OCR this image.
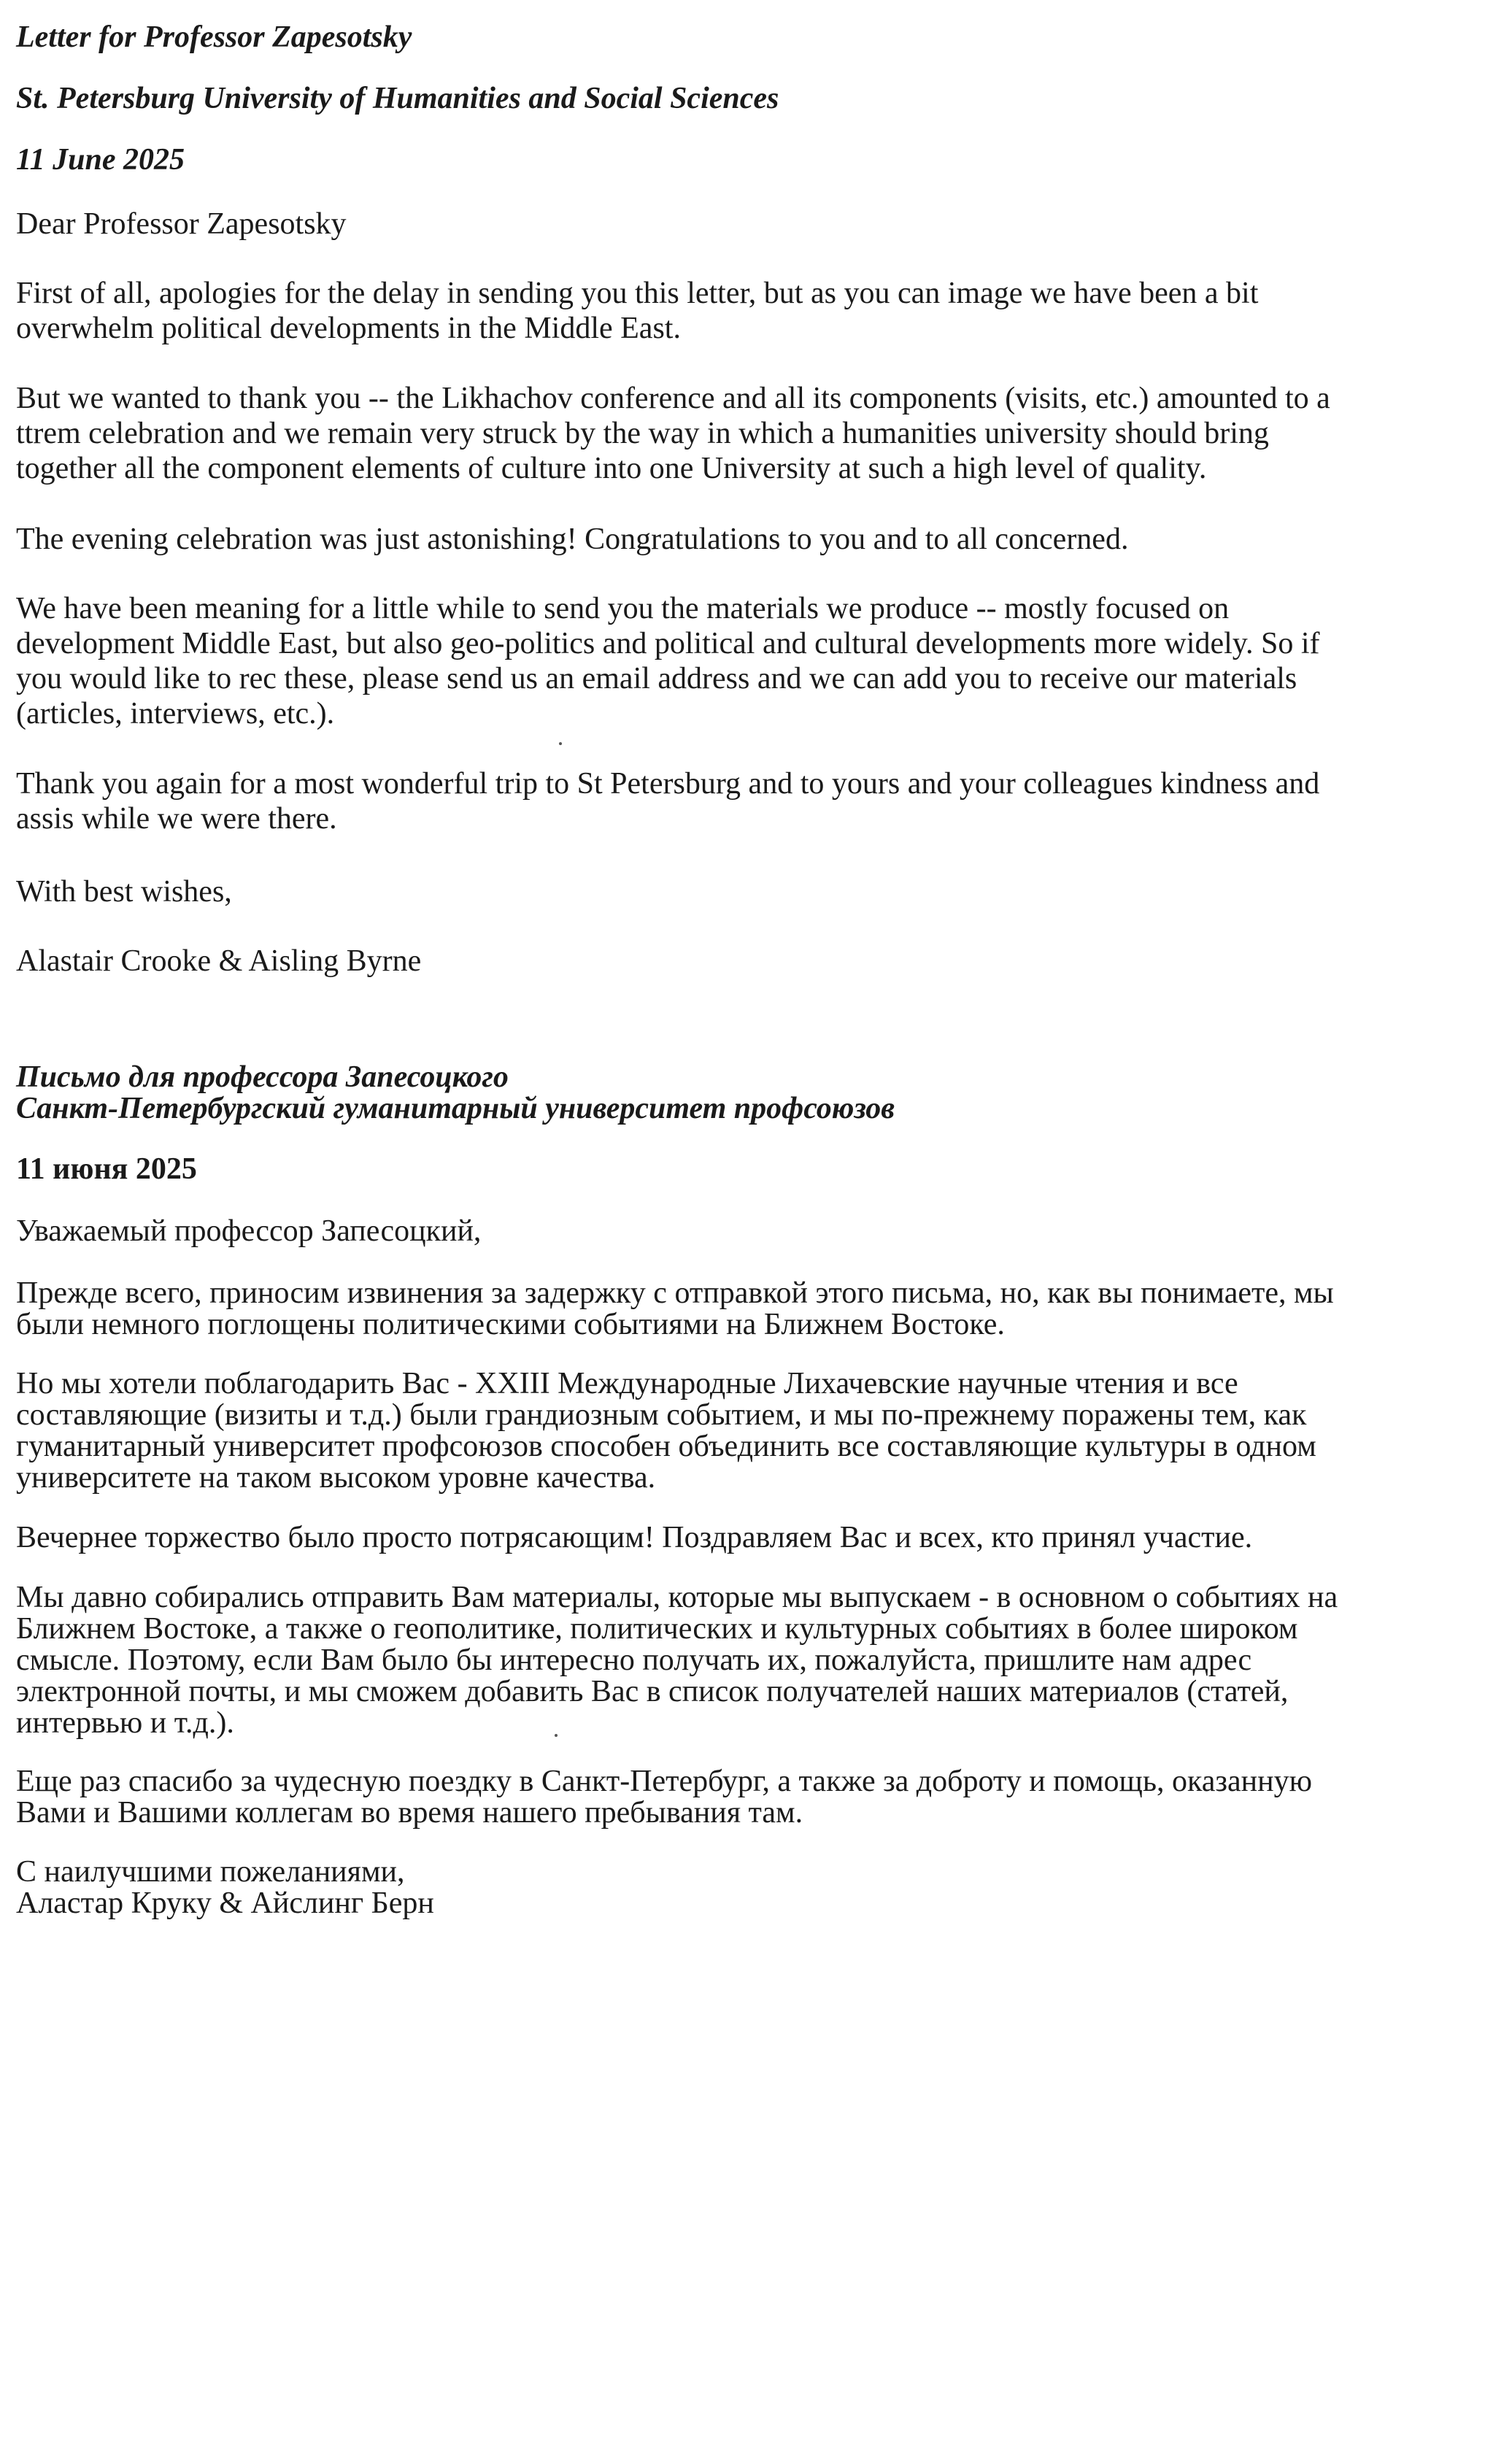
Letter for Professor Zapesotsky
St. Petersburg University of Humanities and Social Sciences
11 June 2025
Dear Professor Zapesotsky
First of all, apologies for the delay in sending you this letter, but as you can image we have been a bit
overwhelm political developments in the Middle East.
But we wanted to thank you -- the Likhachov conference and all its components (visits, etc.) amounted to a
ttrem celebration and we remain very struck by the way in which a humanities university should bring
together all the component elements of culture into one University at such a high level of quality.
The evening celebration was just astonishing! Congratulations to you and to all concerned.
We have been meaning for a little while to send you the materials we produce -- mostly focused on
development Middle East, but also geo-politics and political and cultural developments more widely. So if
you would like to rec these, please send us an email address and we can add you to receive our materials
(articles, interviews, etc.).
Thank you again for a most wonderful trip to St Petersburg and to yours and your colleagues kindness and
assis while we were there.
With best wishes,
Alastair Crooke & Aisling Byrne
Письмо для профессора Запесоцкого
Санкт-Петербургский гуманитарный университет профсоюзов
11 июня 2025
Уважаемый профессор Запесоцкий,
Прежде всего, приносим извинения за задержку с отправкой этого письма, но, как вы понимаете, мы
были немного поглощены политическими событиями на Ближнем Востоке.
Но мы хотели поблагодарить Вас - XXIII Международные Лихачевские научные чтения и все
составляющие (визиты и т.д.) были грандиозным событием, и мы по-прежнему поражены тем, как
гуманитарный университет профсоюзов способен объединить все составляющие культуры в одном
университете на таком высоком уровне качества.
Вечернее торжество было просто потрясающим! Поздравляем Вас и всех, кто принял участие.
Мы давно собирались отправить Вам материалы, которые мы выпускаем - в основном о событиях на
Ближнем Востоке, а также о геополитике, политических и культурных событиях в более широком
смысле. Поэтому, если Вам было бы интересно получать их, пожалуйста, пришлите нам адрес
электронной почты, и мы сможем добавить Вас в список получателей наших материалов (статей,
интервью и т.д.).
Еще раз спасибо за чудесную поездку в Санкт-Петербург, а также за доброту и помощь, оказанную
Вами и Вашими коллегам во время нашего пребывания там.
С наилучшими пожеланиями,
Аластар Круку & Айслинг Берн
